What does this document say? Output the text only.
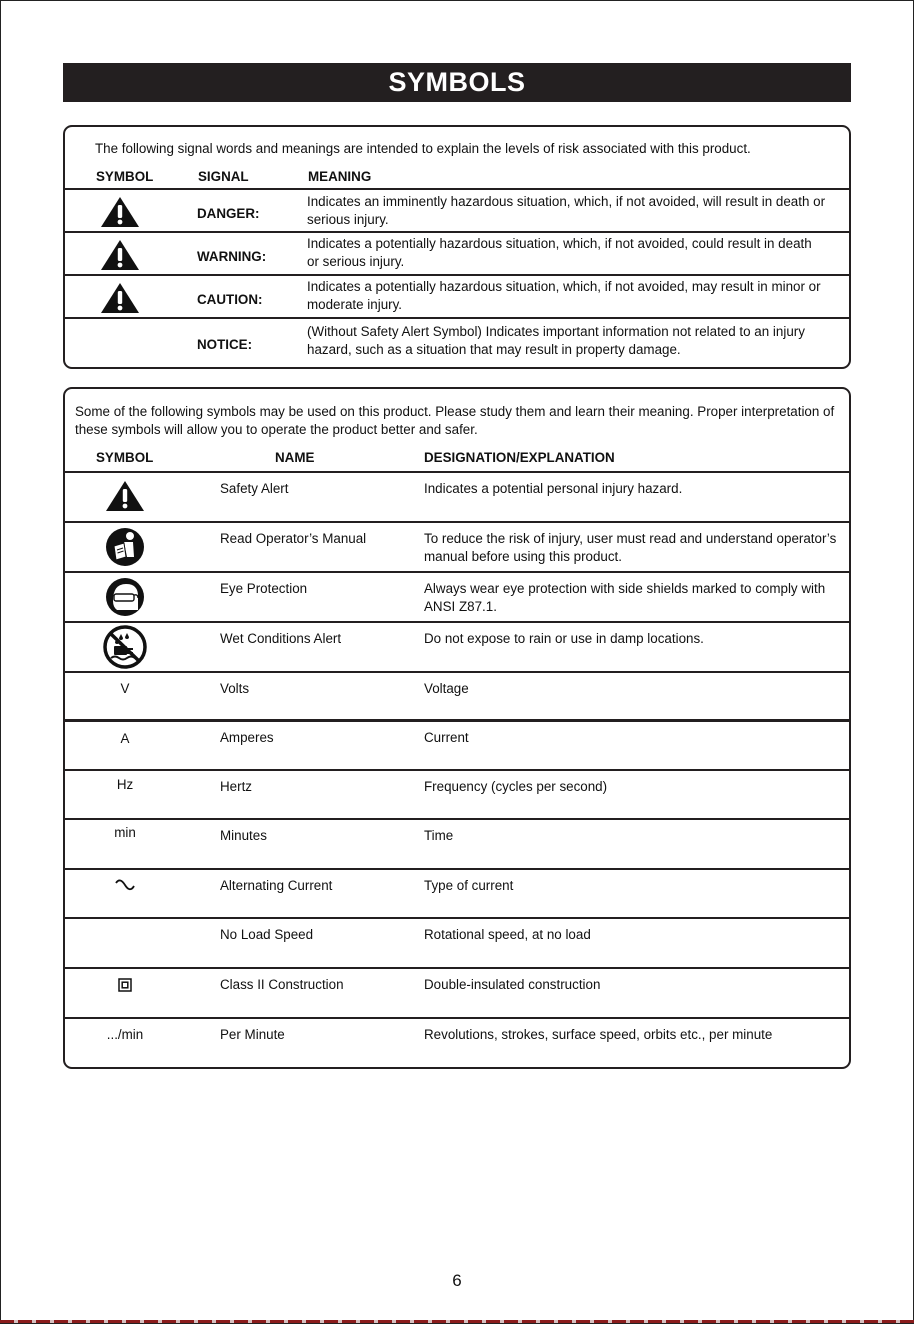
SYMBOLS
The following signal words and meanings are intended to explain the levels of risk associated with this product.
SYMBOL	SIGNAL	MEANING
DANGER:
Indicates an imminently hazardous situation, which, if not avoided, will result in death or serious injury.
WARNING:
Indicates a potentially hazardous situation, which, if not avoided, could result in death or serious injury.
CAUTION:
Indicates a potentially hazardous situation, which, if not avoided, may result in minor or moderate injury.
NOTICE:
(Without Safety Alert Symbol) Indicates important information not related to an injury hazard, such as a situation that may result in property damage.
Some of the following symbols may be used on this product. Please study them and learn their meaning. Proper interpretation of these symbols will allow you to operate the product better and safer.
SYMBOL	NAME	DESIGNATION/EXPLANATION
Safety Alert	Indicates a potential personal injury hazard.
Read Operator’s Manual	To reduce the risk of injury, user must read and understand operator’s manual before using this product.
Eye Protection	Always wear eye protection with side shields marked to comply with ANSI Z87.1.
Wet Conditions Alert	Do not expose to rain or use in damp locations.
V	Volts	Voltage
A	Amperes	Current
Hz	Hertz	Frequency (cycles per second)
min	Minutes	Time
Alternating Current	Type of current
No Load Speed	Rotational speed, at no load
Class II Construction	Double-insulated construction
.../min	Per Minute	Revolutions, strokes, surface speed, orbits etc., per minute
6
